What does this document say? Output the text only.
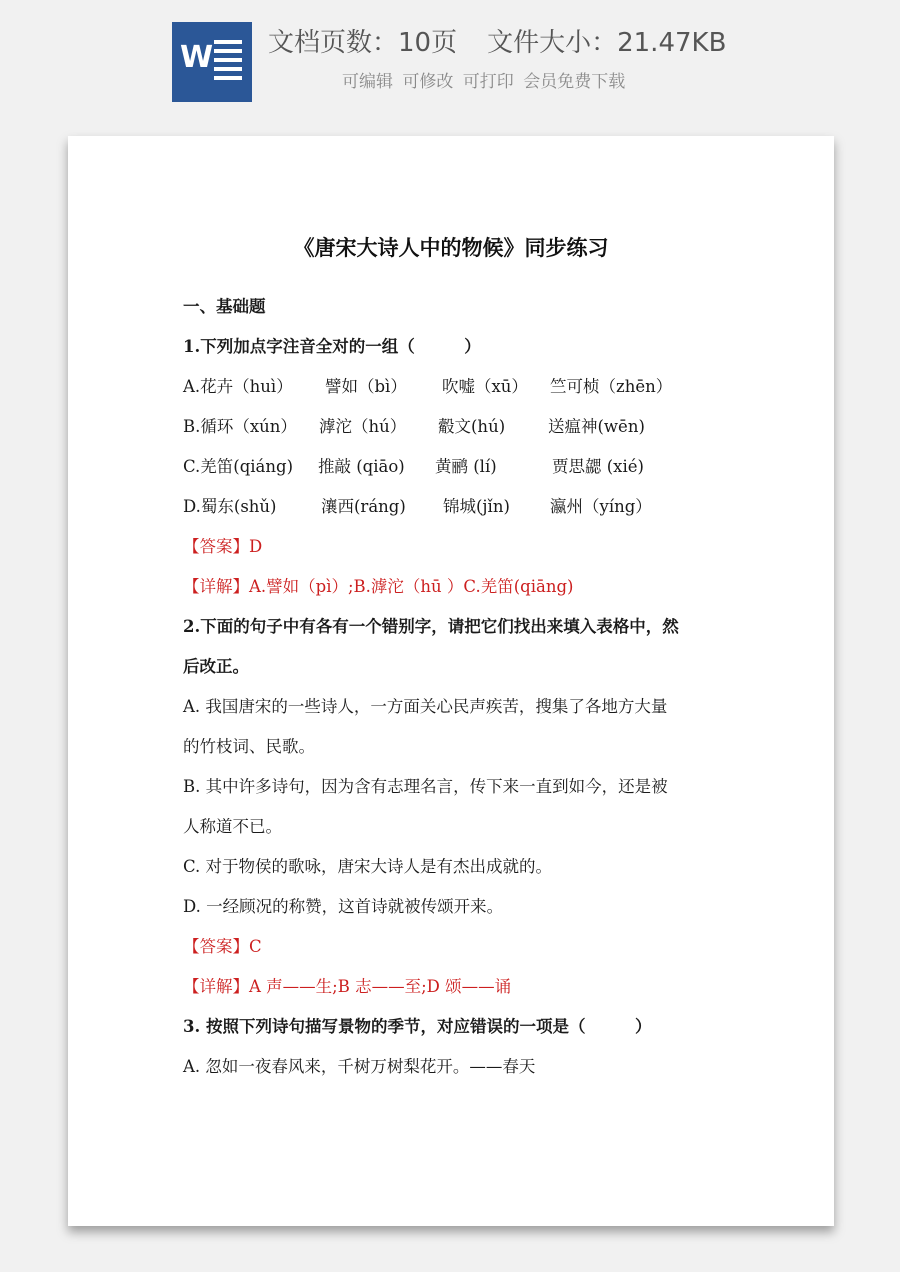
W 文档页数：10页 文件大小：21.47KB
可编辑 可修改 可打印 会员免费下载
《唐宋大诗人中的物候》同步练习
一、基础题
1.下列加点字注音全对的一组（　　　）
A.花卉（huì） 譬如（bì） 吹嘘（xū） 竺可桢（zhēn）
B.循环（xún） 滹沱（hú） 觳文(hú)	送瘟神(wēn)
C.羌笛(qiáng) 推敲 (qiāo) 黄鹂 (lí)	贾思勰 (xié)
D.蜀东(shǔ)	瀼西(ráng) 锦城(jǐn) 瀛州（yíng）
【答案】D
【详解】A.譬如（pì）;B.滹沱（hū ）C.羌笛(qiāng)
2.下面的句子中有各有一个错别字，请把它们找出来填入表格中，然
后改正。
A. 我国唐宋的一些诗人，一方面关心民声疾苦，搜集了各地方大量
的竹枝词、民歌。
B. 其中许多诗句，因为含有志理名言，传下来一直到如今，还是被
人称道不已。
C. 对于物侯的歌咏，唐宋大诗人是有杰出成就的。
D. 一经顾况的称赞，这首诗就被传颂开来。
【答案】C
【详解】A 声——生;B 志——至;D 颂——诵
3. 按照下列诗句描写景物的季节，对应错误的一项是（　　　）
A. 忽如一夜春风来，千树万树梨花开。——春天
